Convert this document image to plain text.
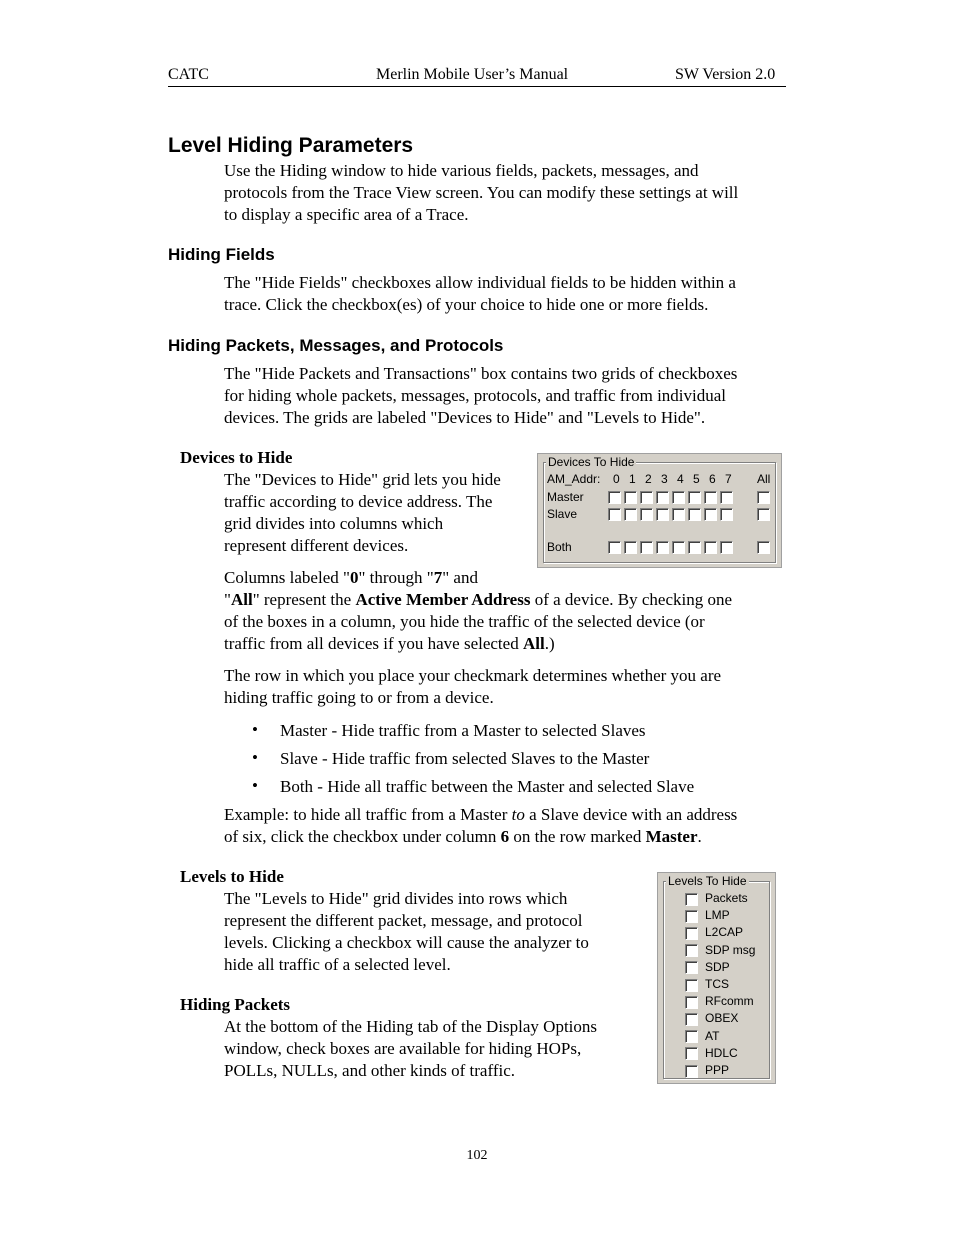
CATC	Merlin Mobile User’s Manual	SW Version 2.0
Level Hiding Parameters
Use the Hiding window to hide various fields, packets, messages, and
protocols from the Trace View screen. You can modify these settings at will
to display a specific area of a Trace.
Hiding Fields
The "Hide Fields" checkboxes allow individual fields to be hidden within a
trace. Click the checkbox(es) of your choice to hide one or more fields.
Hiding Packets, Messages, and Protocols
The "Hide Packets and Transactions" box contains two grids of checkboxes
for hiding whole packets, messages, protocols, and traffic from individual
devices. The grids are labeled "Devices to Hide" and "Levels to Hide".
Devices to Hide
The "Devices to Hide" grid lets you hide
traffic according to device address. The
grid divides into columns which
represent different devices.
Devices To Hide
AM_Addr: 0 1 2 3 4 5 6 7 All
Master
Slave
Both
Columns labeled "0" through "7" and
"All" represent the Active Member Address of a device. By checking one
of the boxes in a column, you hide the traffic of the selected device (or
traffic from all devices if you have selected All.)
The row in which you place your checkmark determines whether you are
hiding traffic going to or from a device.
• Master - Hide traffic from a Master to selected Slaves
• Slave - Hide traffic from selected Slaves to the Master
• Both - Hide all traffic between the Master and selected Slave
Example: to hide all traffic from a Master to a Slave device with an address
of six, click the checkbox under column 6 on the row marked Master.
Levels to Hide
The "Levels to Hide" grid divides into rows which
represent the different packet, message, and protocol
levels. Clicking a checkbox will cause the analyzer to
hide all traffic of a selected level.
Levels To Hide
Packets
LMP
L2CAP
SDP msg
SDP
TCS
RFcomm
OBEX
AT
HDLC
PPP
Hiding Packets
At the bottom of the Hiding tab of the Display Options
window, check boxes are available for hiding HOPs,
POLLs, NULLs, and other kinds of traffic.
102
